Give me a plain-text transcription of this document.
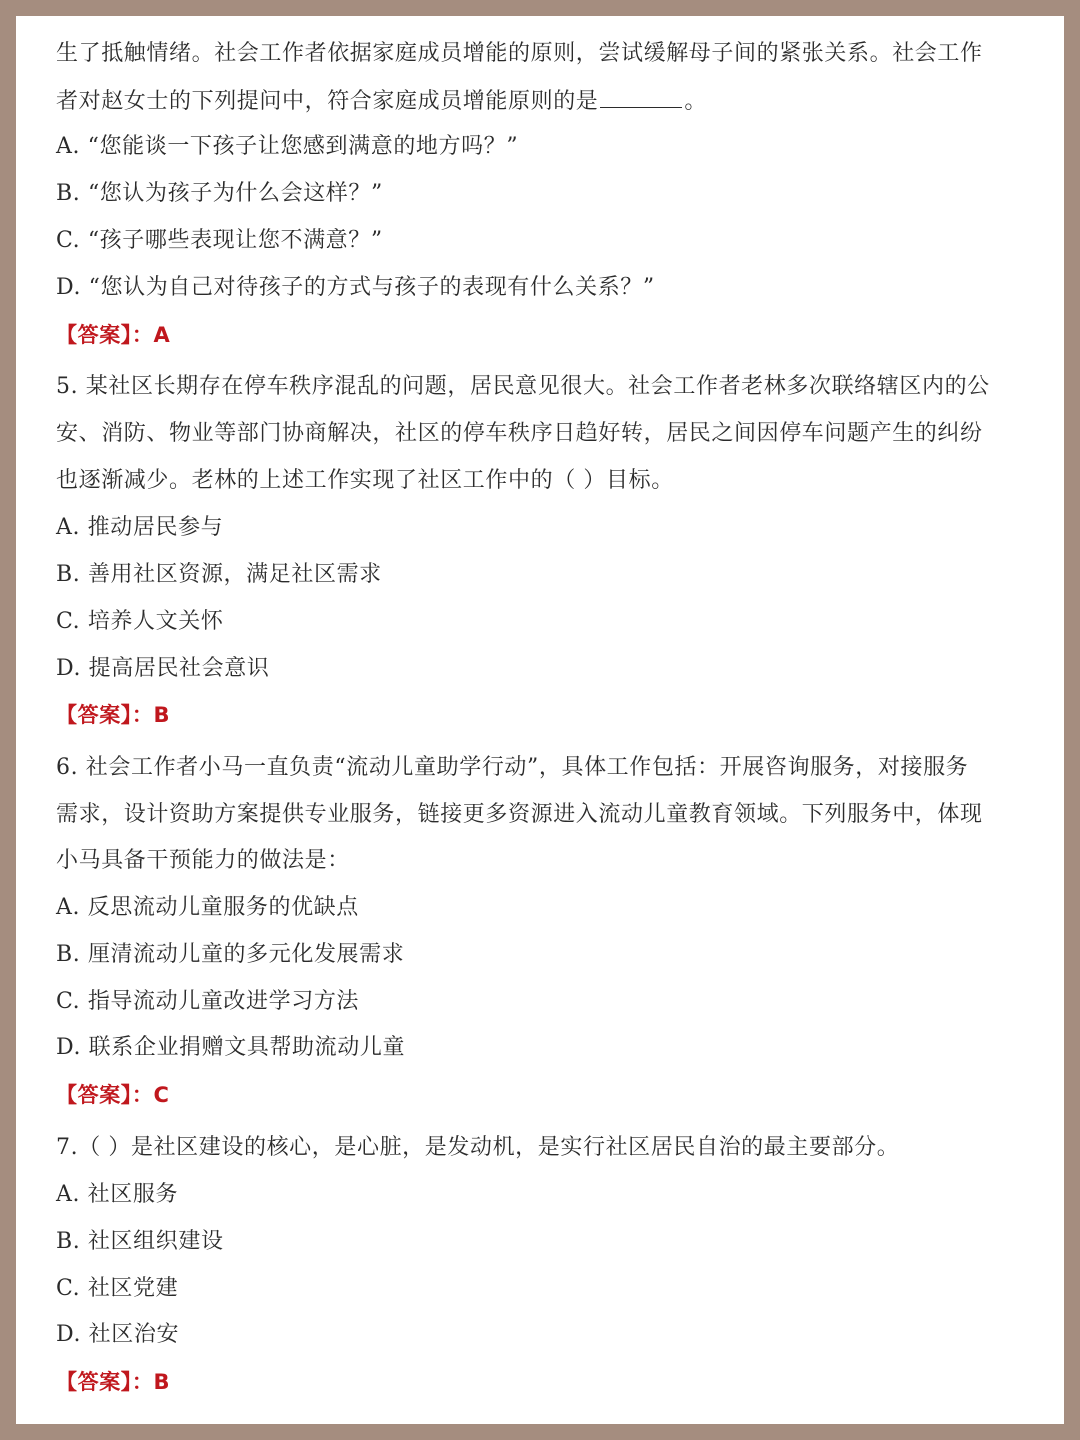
生了抵触情绪。社会工作者依据家庭成员增能的原则，尝试缓解母子间的紧张关系。社会工作

者对赵女士的下列提问中，符合家庭成员增能原则的是	。

A. “您能谈一下孩子让您感到满意的地方吗？”

B. “您认为孩子为什么会这样？”

C. “孩子哪些表现让您不满意？”

D. “您认为自己对待孩子的方式与孩子的表现有什么关系？”

【答案】：A

5. 某社区长期存在停车秩序混乱的问题，居民意见很大。社会工作者老林多次联络辖区内的公

安、消防、物业等部门协商解决，社区的停车秩序日趋好转，居民之间因停车问题产生的纠纷

也逐渐减少。老林的上述工作实现了社区工作中的（ ）目标。

A. 推动居民参与

B. 善用社区资源，满足社区需求

C. 培养人文关怀

D. 提高居民社会意识

【答案】：B

6. 社会工作者小马一直负责“流动儿童助学行动”，具体工作包括：开展咨询服务，对接服务

需求，设计资助方案提供专业服务，链接更多资源进入流动儿童教育领域。下列服务中，体现

小马具备干预能力的做法是：

A. 反思流动儿童服务的优缺点

B. 厘清流动儿童的多元化发展需求

C. 指导流动儿童改进学习方法

D. 联系企业捐赠文具帮助流动儿童

【答案】：C

7.（ ）是社区建设的核心，是心脏，是发动机，是实行社区居民自治的最主要部分。

A. 社区服务

B. 社区组织建设

C. 社区党建

D. 社区治安

【答案】：B
